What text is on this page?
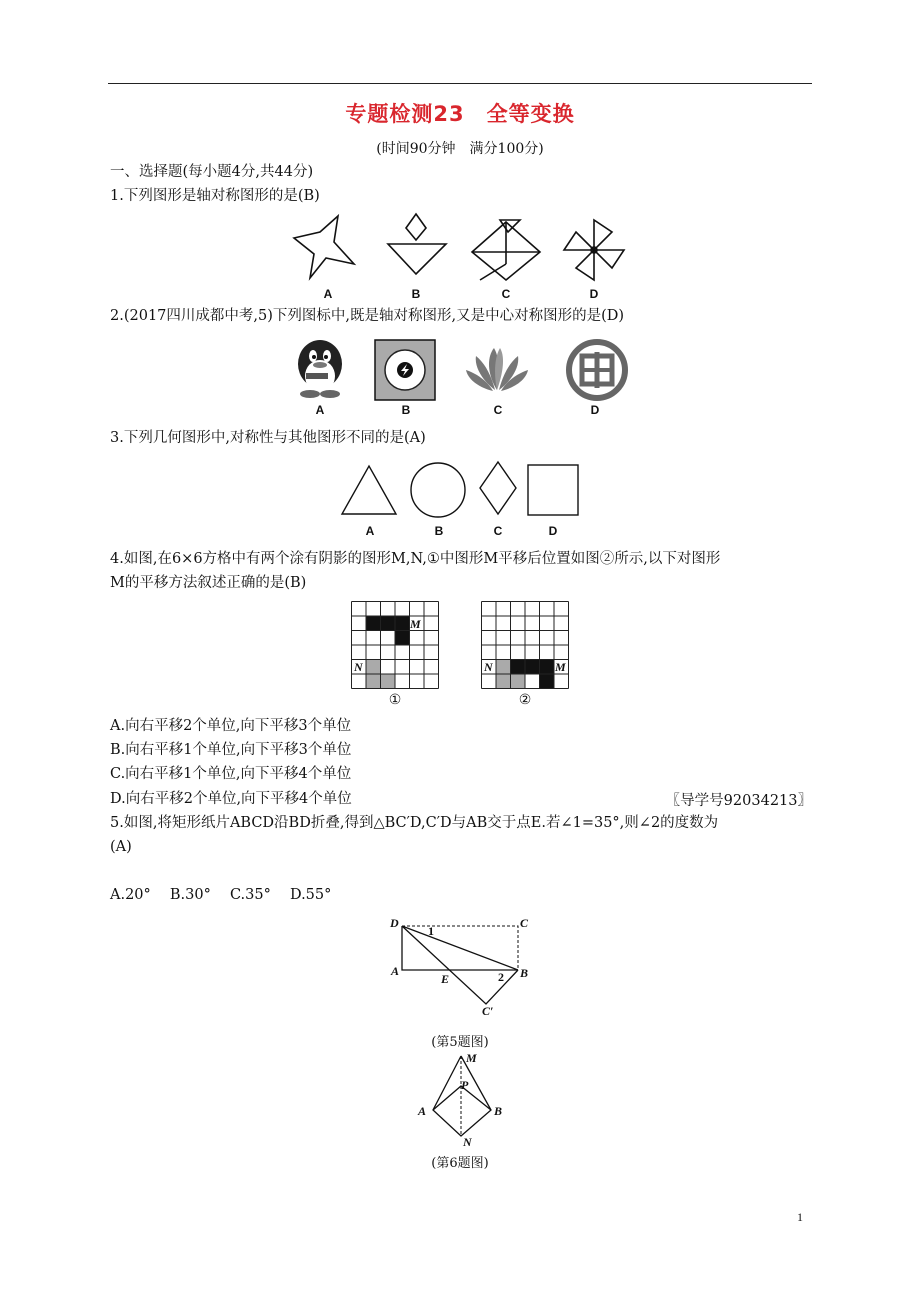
专题检测23　全等变换
(时间90分钟　满分100分)
一、选择题(每小题4分,共44分)
1.下列图形是轴对称图形的是(B)
A	B	C	D
2.(2017四川成都中考,5)下列图标中,既是轴对称图形,又是中心对称图形的是(D)
A	B	C	D
3.下列几何图形中,对称性与其他图形不同的是(A)
A	B	C	D
4.如图,在6×6方格中有两个涂有阴影的图形M,N,①中图形M平移后位置如图②所示,以下对图形
M的平移方法叙述正确的是(B)
M
N	M
N
①	②
A.向右平移2个单位,向下平移3个单位
B.向右平移1个单位,向下平移3个单位
C.向右平移1个单位,向下平移4个单位
D.向右平移2个单位,向下平移4个单位	〖导学号92034213〗
5.如图,将矩形纸片ABCD沿BD折叠,得到△BC′D,C′D与AB交于点E.若∠1=35°,则∠2的度数为
(A)
A.20°　 B.30°　 C.35°　 D.55°
D	C
A	B
E
C′
1
2
(第5题图)
M
P
A	B
N
(第6题图)
1
